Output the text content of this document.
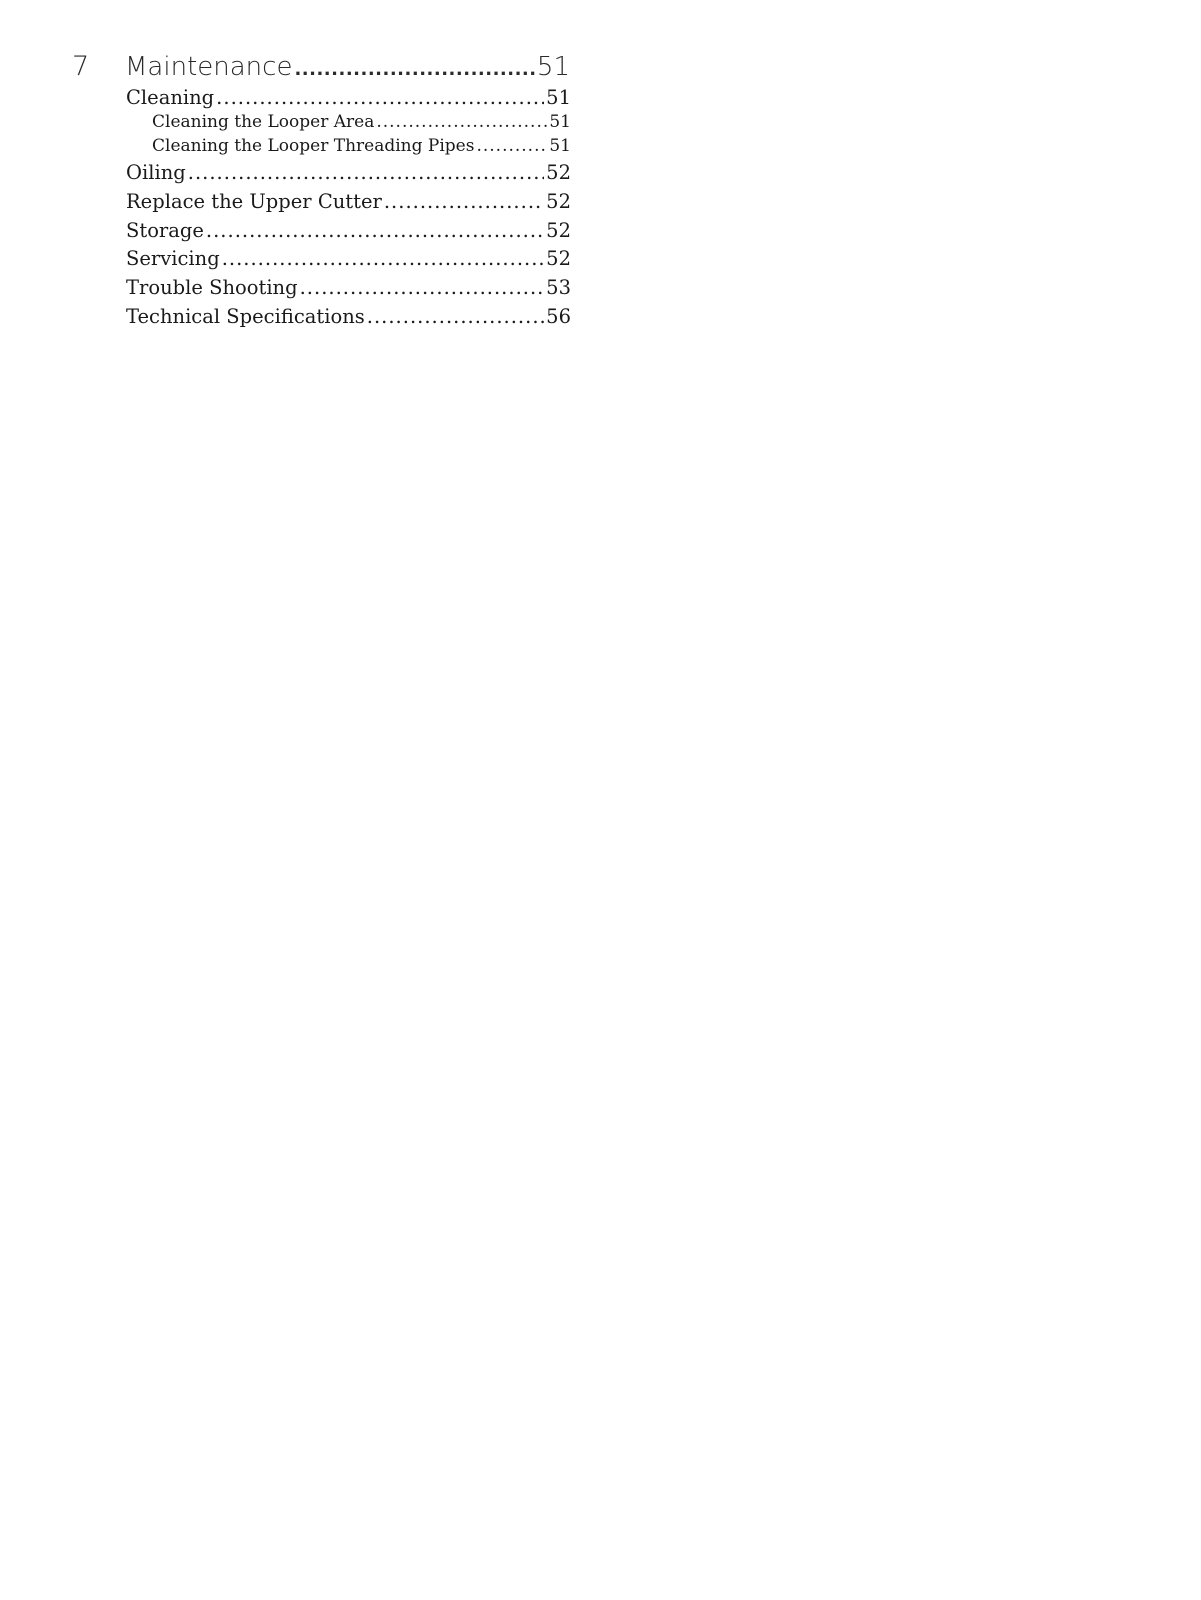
7 Maintenance .....	51
Cleaning .....	51
Cleaning the Looper Area .....	51
Cleaning the Looper Threading Pipes .....	51
Oiling .....	52
Replace the Upper Cutter .....	52
Storage .....	52
Servicing .....	52
Trouble Shooting .....	53
Technical Specifications .....	56
